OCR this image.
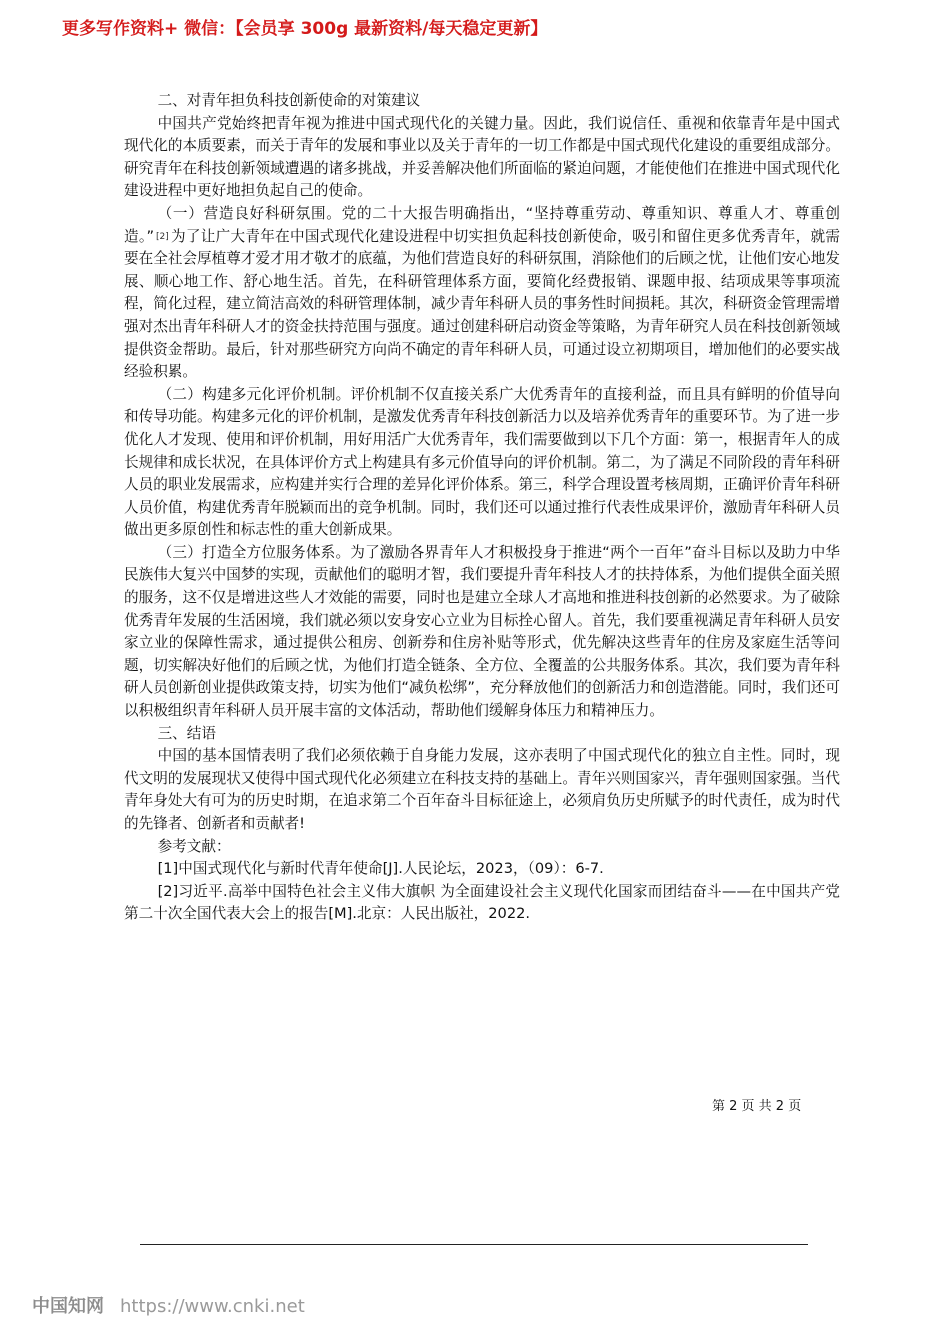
更多写作资料+ 微信：【会员享 300g 最新资料/每天稳定更新】

二、对青年担负科技创新使命的对策建议

中国共产党始终把青年视为推进中国式现代化的关键力量。因此，我们说信任、重视和依靠青年是中国式现代化的本质要素，而关于青年的发展和事业以及关于青年的一切工作都是中国式现代化建设的重要组成部分。研究青年在科技创新领域遭遇的诸多挑战，并妥善解决他们所面临的紧迫问题，才能使他们在推进中国式现代化建设进程中更好地担负起自己的使命。

（一）营造良好科研氛围。党的二十大报告明确指出，“坚持尊重劳动、尊重知识、尊重人才、尊重创造。” [2] 为了让广大青年在中国式现代化建设进程中切实担负起科技创新使命，吸引和留住更多优秀青年，就需要在全社会厚植尊才爱才用才敬才的底蕴，为他们营造良好的科研氛围，消除他们的后顾之忧，让他们安心地发展、顺心地工作、舒心地生活。首先，在科研管理体系方面，要简化经费报销、课题申报、结项成果等事项流程，简化过程，建立简洁高效的科研管理体制，减少青年科研人员的事务性时间损耗。其次，科研资金管理需增强对杰出青年科研人才的资金扶持范围与强度。通过创建科研启动资金等策略，为青年研究人员在科技创新领域提供资金帮助。最后，针对那些研究方向尚不确定的青年科研人员，可通过设立初期项目，增加他们的必要实战经验积累。

（二）构建多元化评价机制。评价机制不仅直接关系广大优秀青年的直接利益，而且具有鲜明的价值导向和传导功能。构建多元化的评价机制，是激发优秀青年科技创新活力以及培养优秀青年的重要环节。为了进一步优化人才发现、使用和评价机制，用好用活广大优秀青年，我们需要做到以下几个方面：第一，根据青年人的成长规律和成长状况，在具体评价方式上构建具有多元价值导向的评价机制。第二，为了满足不同阶段的青年科研人员的职业发展需求，应构建并实行合理的差异化评价体系。第三，科学合理设置考核周期，正确评价青年科研人员价值，构建优秀青年脱颖而出的竞争机制。同时，我们还可以通过推行代表性成果评价，激励青年科研人员做出更多原创性和标志性的重大创新成果。

（三）打造全方位服务体系。为了激励各界青年人才积极投身于推进“两个一百年”奋斗目标以及助力中华民族伟大复兴中国梦的实现，贡献他们的聪明才智，我们要提升青年科技人才的扶持体系，为他们提供全面关照的服务，这不仅是增进这些人才效能的需要，同时也是建立全球人才高地和推进科技创新的必然要求。为了破除优秀青年发展的生活困境，我们就必须以安身安心立业为目标拴心留人。首先，我们要重视满足青年科研人员安家立业的保障性需求，通过提供公租房、创新券和住房补贴等形式，优先解决这些青年的住房及家庭生活等问题，切实解决好他们的后顾之忧，为他们打造全链条、全方位、全覆盖的公共服务体系。其次，我们要为青年科研人员创新创业提供政策支持，切实为他们“减负松绑”，充分释放他们的创新活力和创造潜能。同时，我们还可以积极组织青年科研人员开展丰富的文体活动，帮助他们缓解身体压力和精神压力。

三、结语

中国的基本国情表明了我们必须依赖于自身能力发展，这亦表明了中国式现代化的独立自主性。同时，现代文明的发展现状又使得中国式现代化必须建立在科技支持的基础上。青年兴则国家兴，青年强则国家强。当代青年身处大有可为的历史时期，在追求第二个百年奋斗目标征途上，必须肩负历史所赋予的时代责任，成为时代的先锋者、创新者和贡献者!

参考文献：

[1]中国式现代化与新时代青年使命[J].人民论坛，2023，（09）：6-7.

[2]习近平.高举中国特色社会主义伟大旗帜 为全面建设社会主义现代化国家而团结奋斗——在中国共产党第二十次全国代表大会上的报告[M].北京：人民出版社，2022.

第 2 页 共 2 页
中国知网 https://www.cnki.net
